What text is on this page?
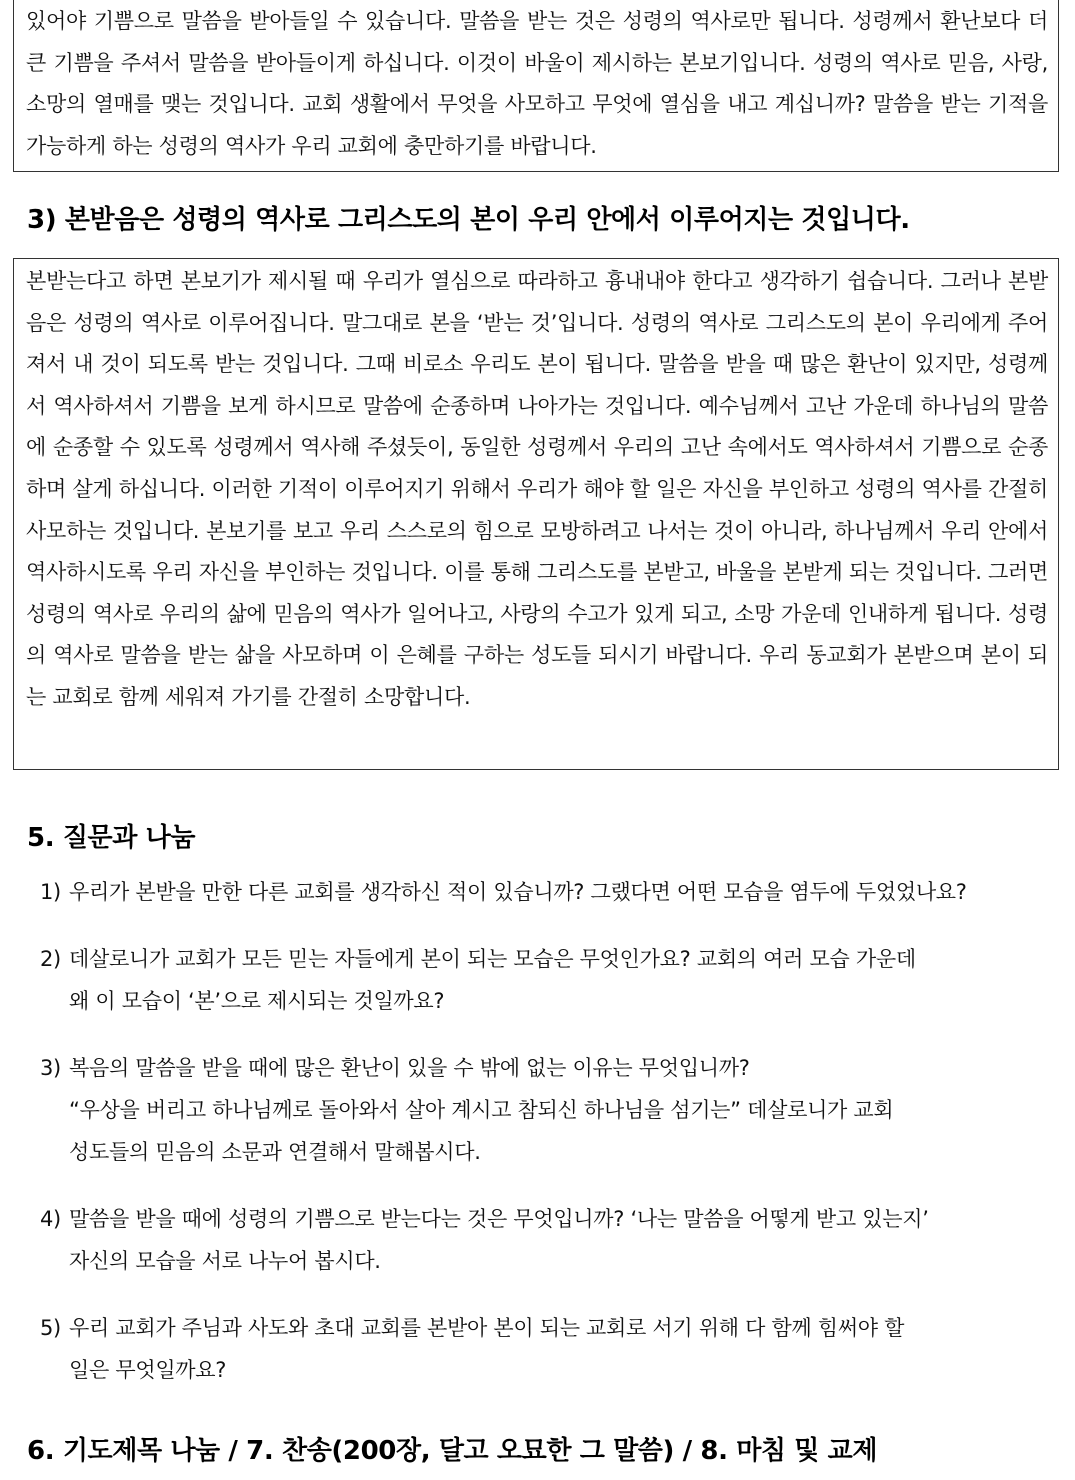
있어야 기쁨으로 말씀을 받아들일 수 있습니다. 말씀을 받는 것은 성령의 역사로만 됩니다. 성령께서 환난보다 더 큰 기쁨을 주셔서 말씀을 받아들이게 하십니다. 이것이 바울이 제시하는 본보기입니다. 성령의 역사로 믿음, 사랑, 소망의 열매를 맺는 것입니다. 교회 생활에서 무엇을 사모하고 무엇에 열심을 내고 계십니까? 말씀을 받는 기적을 가능하게 하는 성령의 역사가 우리 교회에 충만하기를 바랍니다.

3) 본받음은 성령의 역사로 그리스도의 본이 우리 안에서 이루어지는 것입니다.

본받는다고 하면 본보기가 제시될 때 우리가 열심으로 따라하고 흉내내야 한다고 생각하기 쉽습니다. 그러나 본받음은 성령의 역사로 이루어집니다. 말그대로 본을 ‘받는 것’입니다. 성령의 역사로 그리스도의 본이 우리에게 주어져서 내 것이 되도록 받는 것입니다. 그때 비로소 우리도 본이 됩니다. 말씀을 받을 때 많은 환난이 있지만, 성령께서 역사하셔서 기쁨을 보게 하시므로 말씀에 순종하며 나아가는 것입니다. 예수님께서 고난 가운데 하나님의 말씀에 순종할 수 있도록 성령께서 역사해 주셨듯이, 동일한 성령께서 우리의 고난 속에서도 역사하셔서 기쁨으로 순종하며 살게 하십니다. 이러한 기적이 이루어지기 위해서 우리가 해야 할 일은 자신을 부인하고 성령의 역사를 간절히 사모하는 것입니다. 본보기를 보고 우리 스스로의 힘으로 모방하려고 나서는 것이 아니라, 하나님께서 우리 안에서 역사하시도록 우리 자신을 부인하는 것입니다. 이를 통해 그리스도를 본받고, 바울을 본받게 되는 것입니다. 그러면 성령의 역사로 우리의 삶에 믿음의 역사가 일어나고, 사랑의 수고가 있게 되고, 소망 가운데 인내하게 됩니다. 성령의 역사로 말씀을 받는 삶을 사모하며 이 은혜를 구하는 성도들 되시기 바랍니다. 우리 동교회가 본받으며 본이 되는 교회로 함께 세워져 가기를 간절히 소망합니다.

5. 질문과 나눔
1) 우리가 본받을 만한 다른 교회를 생각하신 적이 있습니까? 그랬다면 어떤 모습을 염두에 두었었나요?
2) 데살로니가 교회가 모든 믿는 자들에게 본이 되는 모습은 무엇인가요? 교회의 여러 모습 가운데
왜 이 모습이 ‘본’으로 제시되는 것일까요?
3) 복음의 말씀을 받을 때에 많은 환난이 있을 수 밖에 없는 이유는 무엇입니까?
“우상을 버리고 하나님께로 돌아와서 살아 계시고 참되신 하나님을 섬기는” 데살로니가 교회
성도들의 믿음의 소문과 연결해서 말해봅시다.
4) 말씀을 받을 때에 성령의 기쁨으로 받는다는 것은 무엇입니까? ‘나는 말씀을 어떻게 받고 있는지’
자신의 모습을 서로 나누어 봅시다.
5) 우리 교회가 주님과 사도와 초대 교회를 본받아 본이 되는 교회로 서기 위해 다 함께 힘써야 할
일은 무엇일까요?
6. 기도제목 나눔 / 7. 찬송(200장, 달고 오묘한 그 말씀) / 8. 마침 및 교제
